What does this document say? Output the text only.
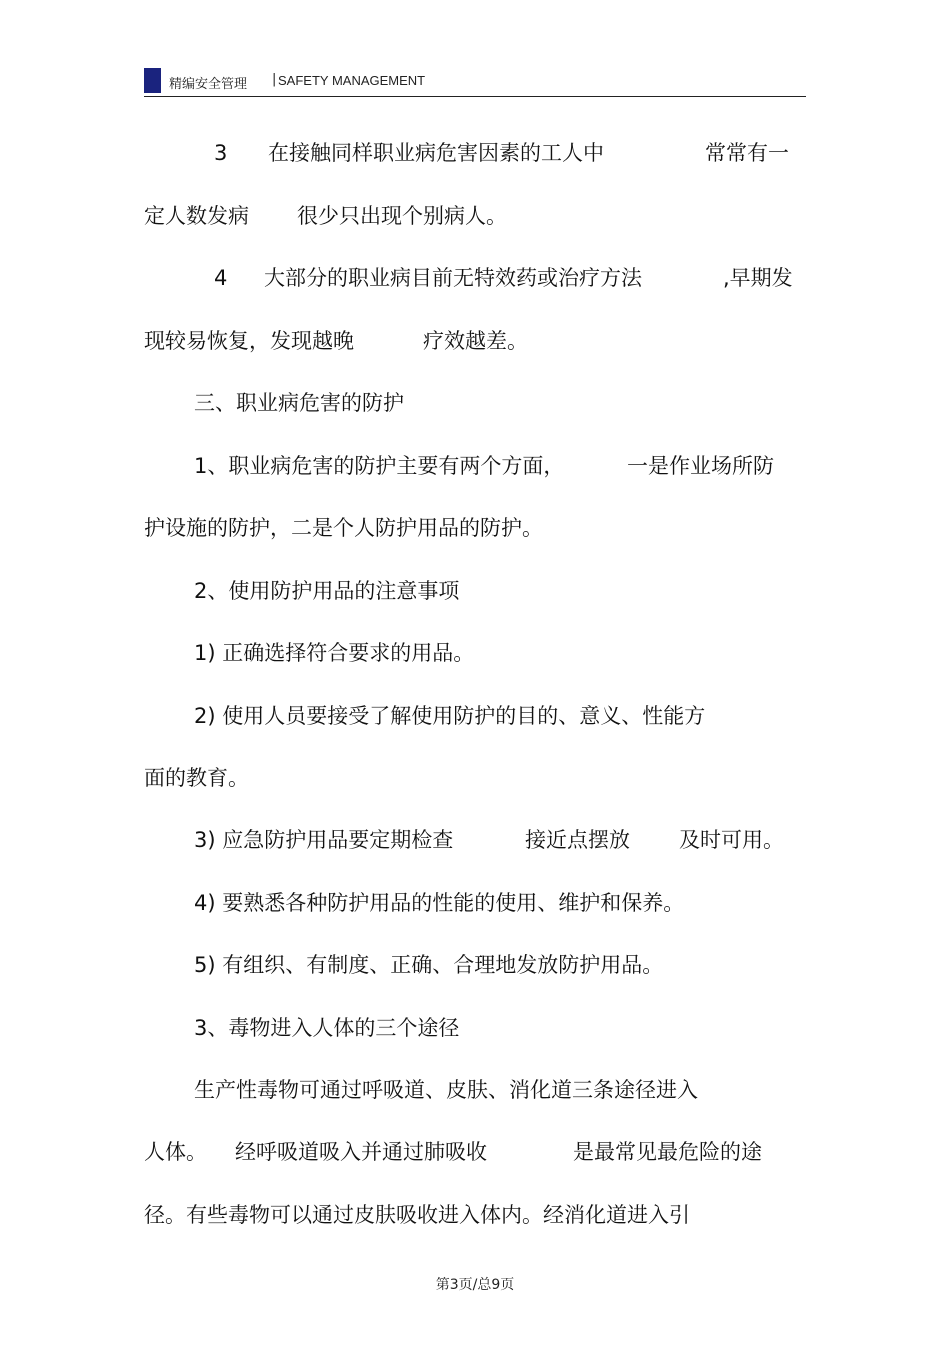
精编安全管理 | SAFETY MANAGEMENT
3 在接触同样职业病危害因素的工人中	常常有一
定人数发病 很少只出现个别病人。
4 大部分的职业病目前无特效药或治疗方法	,早期发
现较易恢复，发现越晚	疗效越差。
三、职业病危害的防护
1、职业病危害的防护主要有两个方面，	一是作业场所防
护设施的防护，二是个人防护用品的防护。
2、使用防护用品的注意事项
1) 正确选择符合要求的用品。
2) 使用人员要接受了解使用防护的目的、意义、性能方
面的教育。
3) 应急防护用品要定期检查	接近点摆放 及时可用。
4) 要熟悉各种防护用品的性能的使用、维护和保养。
5) 有组织、有制度、正确、合理地发放防护用品。
3、毒物进入人体的三个途径
生产性毒物可通过呼吸道、皮肤、消化道三条途径进入
人体。 经呼吸道吸入并通过肺吸收	是最常见最危险的途
径。有些毒物可以通过皮肤吸收进入体内。经消化道进入引
第3页/总9页
